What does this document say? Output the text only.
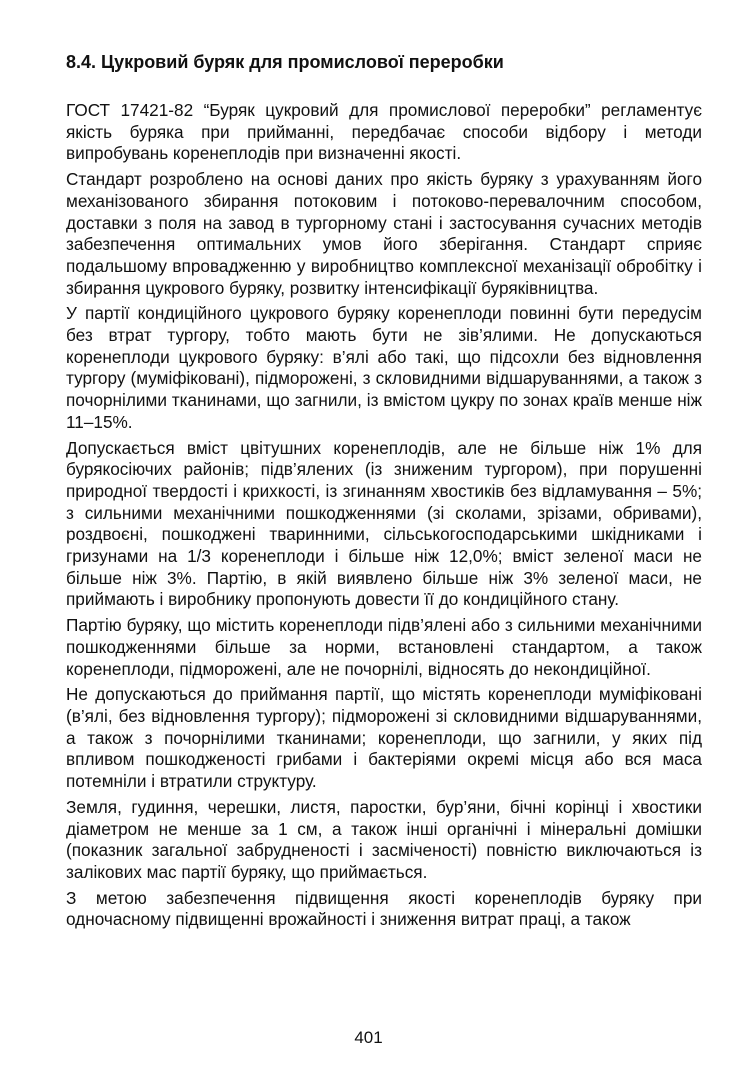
8.4. Цукровий буряк для промислової переробки

ГОСТ 17421-82 “Буряк цукровий для промислової переробки” регламентує якість буряка при прийманні, передбачає способи відбору і методи випробувань коренеплодів при визначенні якості.

Стандарт розроблено на основі даних про якість буряку з урахуванням його механізованого збирання потоковим і потоково-перевалочним способом, доставки з поля на завод в тургорному стані і застосування сучасних методів забезпечення оптимальних умов його зберігання. Стандарт сприяє подальшому впровадженню у виробництво комплексної механізації обробітку і збирання цукрового буряку, розвитку інтенсифікації буряківництва.

У партії кондиційного цукрового буряку коренеплоди повинні бути передусім без втрат тургору, тобто мають бути не зів’ялими. Не допускаються коренеплоди цукрового буряку: в’ялі або такі, що підсохли без відновлення тургору (муміфіковані), підморожені, з скловидними відшаруваннями, а також з почорнілими тканинами, що загнили, із вмістом цукру по зонах країв менше ніж 11–15%.

Допускається вміст цвітушних коренеплодів, але не більше ніж 1% для бурякосіючих районів; підв’ялених (із зниженим тургором), при порушенні природної твердості і крихкості, із згинанням хвостиків без відламування – 5%; з сильними механічними пошкодженнями (зі сколами, зрізами, обривами), роздвоєні, пошкоджені тваринними, сільськогосподарськими шкідниками і гризунами на 1/3 коренеплоди і більше ніж 12,0%; вміст зеленої маси не більше ніж 3%. Партію, в якій виявлено більше ніж 3% зеленої маси, не приймають і виробнику пропонують довести її до кондиційного стану.

Партію буряку, що містить коренеплоди підв’ялені або з сильними механічними пошкодженнями більше за норми, встановлені стандартом, а також коренеплоди, підморожені, але не почорнілі, відносять до некондиційної.

Не допускаються до приймання партії, що містять коренеплоди муміфіковані (в’ялі, без відновлення тургору); підморожені зі скловидними відшаруваннями, а також з почорнілими тканинами; коренеплоди, що загнили, у яких під впливом пошкодженості грибами і бактеріями окремі місця або вся маса потемніли і втратили структуру.

Земля, гудиння, черешки, листя, паростки, бур’яни, бічні корінці і хвостики діаметром не менше за 1 см, а також інші органічні і мінеральні домішки (показник загальної забрудненості і засміченості) повністю виключаються із залікових мас партії буряку, що приймається.

З метою забезпечення підвищення якості коренеплодів буряку при одночасному підвищенні врожайності і зниження витрат праці, а також

401
